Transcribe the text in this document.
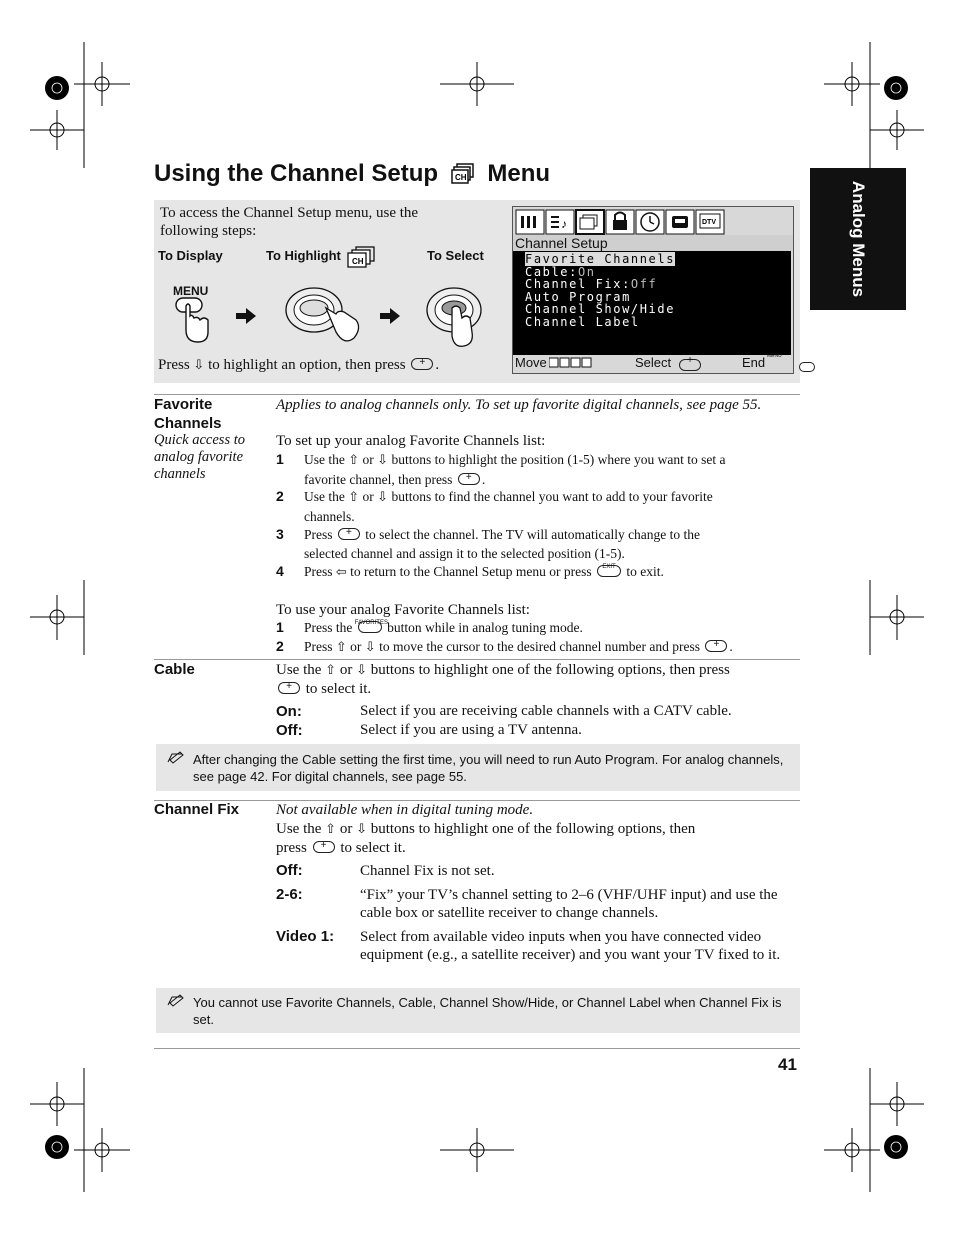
Analog Menus
Using the Channel Setup CH Menu
To access the Channel Setup menu, use the following steps:
To Display	To Highlight CH	To Select
MENU
Press ⇩ to highlight an option, then press + .
♪	DTV
Channel Setup
Favorite Channels
Cable:On
Channel Fix:Off
Auto Program
Channel Show/Hide
Channel Label
Move	Select +	End MENU
Favorite
Channels
Quick access to analog favorite channels
Applies to analog channels only. To set up favorite digital channels, see page 55.
To set up your analog Favorite Channels list:
1 Use the ⇧ or ⇩ buttons to highlight the position (1-5) where you want to set a
favorite channel, then press + .
2 Use the ⇧ or ⇩ buttons to find the channel you want to add to your favorite
channels.
3 Press + to select the channel. The TV will automatically change to the
selected channel and assign it to the selected position (1-5).
4 Press ⇦ to return to the Channel Setup menu or press	EXIT to exit.
To use your analog Favorite Channels list:
1 Press the FAVORITES button while in analog tuning mode.
2 Press ⇧ or ⇩ to move the cursor to the desired channel number and press + .
Cable	Use the ⇧ or ⇩ buttons to highlight one of the following options, then press
+ to select it.
On:	Select if you are receiving cable channels with a CATV cable.
Off:	Select if you are using a TV antenna.
After changing the Cable setting the first time, you will need to run Auto Program. For analog channels, see page 42. For digital channels, see page 55.
Channel Fix Not available when in digital tuning mode.
Use the ⇧ or ⇩ buttons to highlight one of the following options, then
press + to select it.
Off:	Channel Fix is not set.
2-6:	“Fix” your TV’s channel setting to 2–6 (VHF/UHF input) and use the cable box or satellite receiver to change channels.
Video 1: Select from available video inputs when you have connected video equipment (e.g., a satellite receiver) and you want your TV fixed to it.
You cannot use Favorite Channels, Cable, Channel Show/Hide, or Channel Label when Channel Fix is set.
41
